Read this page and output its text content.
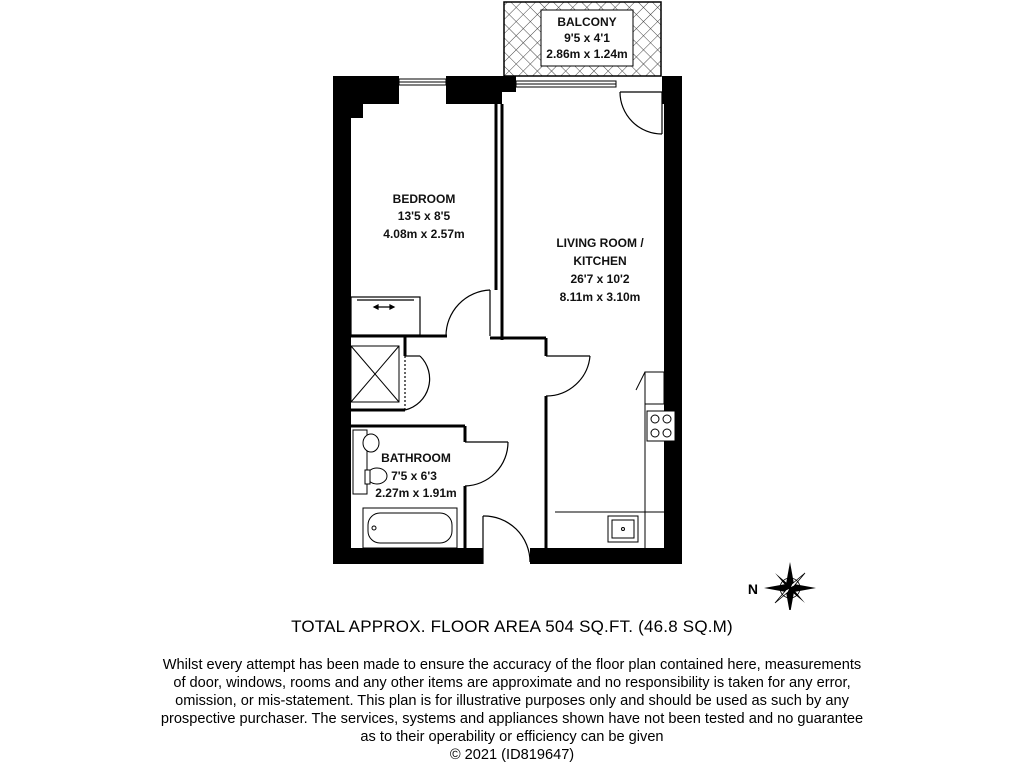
BALCONY
9'5 x 4'1
2.86m x 1.24m
BEDROOM
13'5 x 8'5
4.08m x 2.57m
LIVING ROOM /
KITCHEN
26'7 x 10'2
8.11m x 3.10m
BATHROOM
7'5 x 6'3
2.27m x 1.91m
N
TOTAL APPROX. FLOOR AREA 504 SQ.FT. (46.8 SQ.M)
Whilst every attempt has been made to ensure the accuracy of the floor plan contained here, measurements
of door, windows, rooms and any other items are approximate and no responsibility is taken for any error,
omission, or mis-statement. This plan is for illustrative purposes only and should be used as such by any
prospective purchaser. The services, systems and appliances shown have not been tested and no guarantee
as to their operability or efficiency can be given
© 2021 (ID819647)
